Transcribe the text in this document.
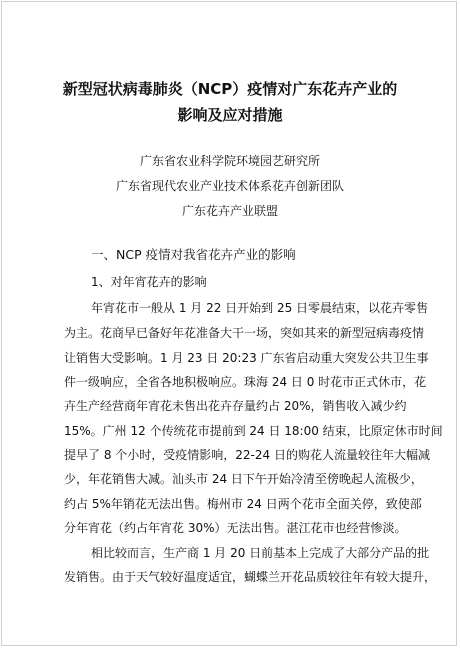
新型冠状病毒肺炎（NCP）疫情对广东花卉产业的
影响及应对措施
广东省农业科学院环境园艺研究所
广东省现代农业产业技术体系花卉创新团队
广东花卉产业联盟
一、NCP 疫情对我省花卉产业的影响
1、对年宵花卉的影响
年宵花市一般从 1 月 22 日开始到 25 日零晨结束，以花卉零售
为主。花商早已备好年花准备大干一场，突如其来的新型冠病毒疫情
让销售大受影响。1 月 23 日 20:23 广东省启动重大突发公共卫生事
件一级响应，全省各地积极响应。珠海 24 日 0 时花市正式休市，花
卉生产经营商年宵花未售出花卉存量约占 20%，销售收入减少约
15%。广州 12 个传统花市提前到 24 日 18:00 结束，比原定休市时间
提早了 8 个小时，受疫情影响，22-24 日的购花人流量较往年大幅减
少，年花销售大减。汕头市 24 日下午开始冷清至傍晚起人流极少，
约占 5%年销花无法出售。梅州市 24 日两个花市全面关停，致使部
分年宵花（约占年宵花 30%）无法出售。湛江花市也经营惨淡。
相比较而言，生产商 1 月 20 日前基本上完成了大部分产品的批
发销售。由于天气较好温度适宜，蝴蝶兰开花品质较往年有较大提升，
